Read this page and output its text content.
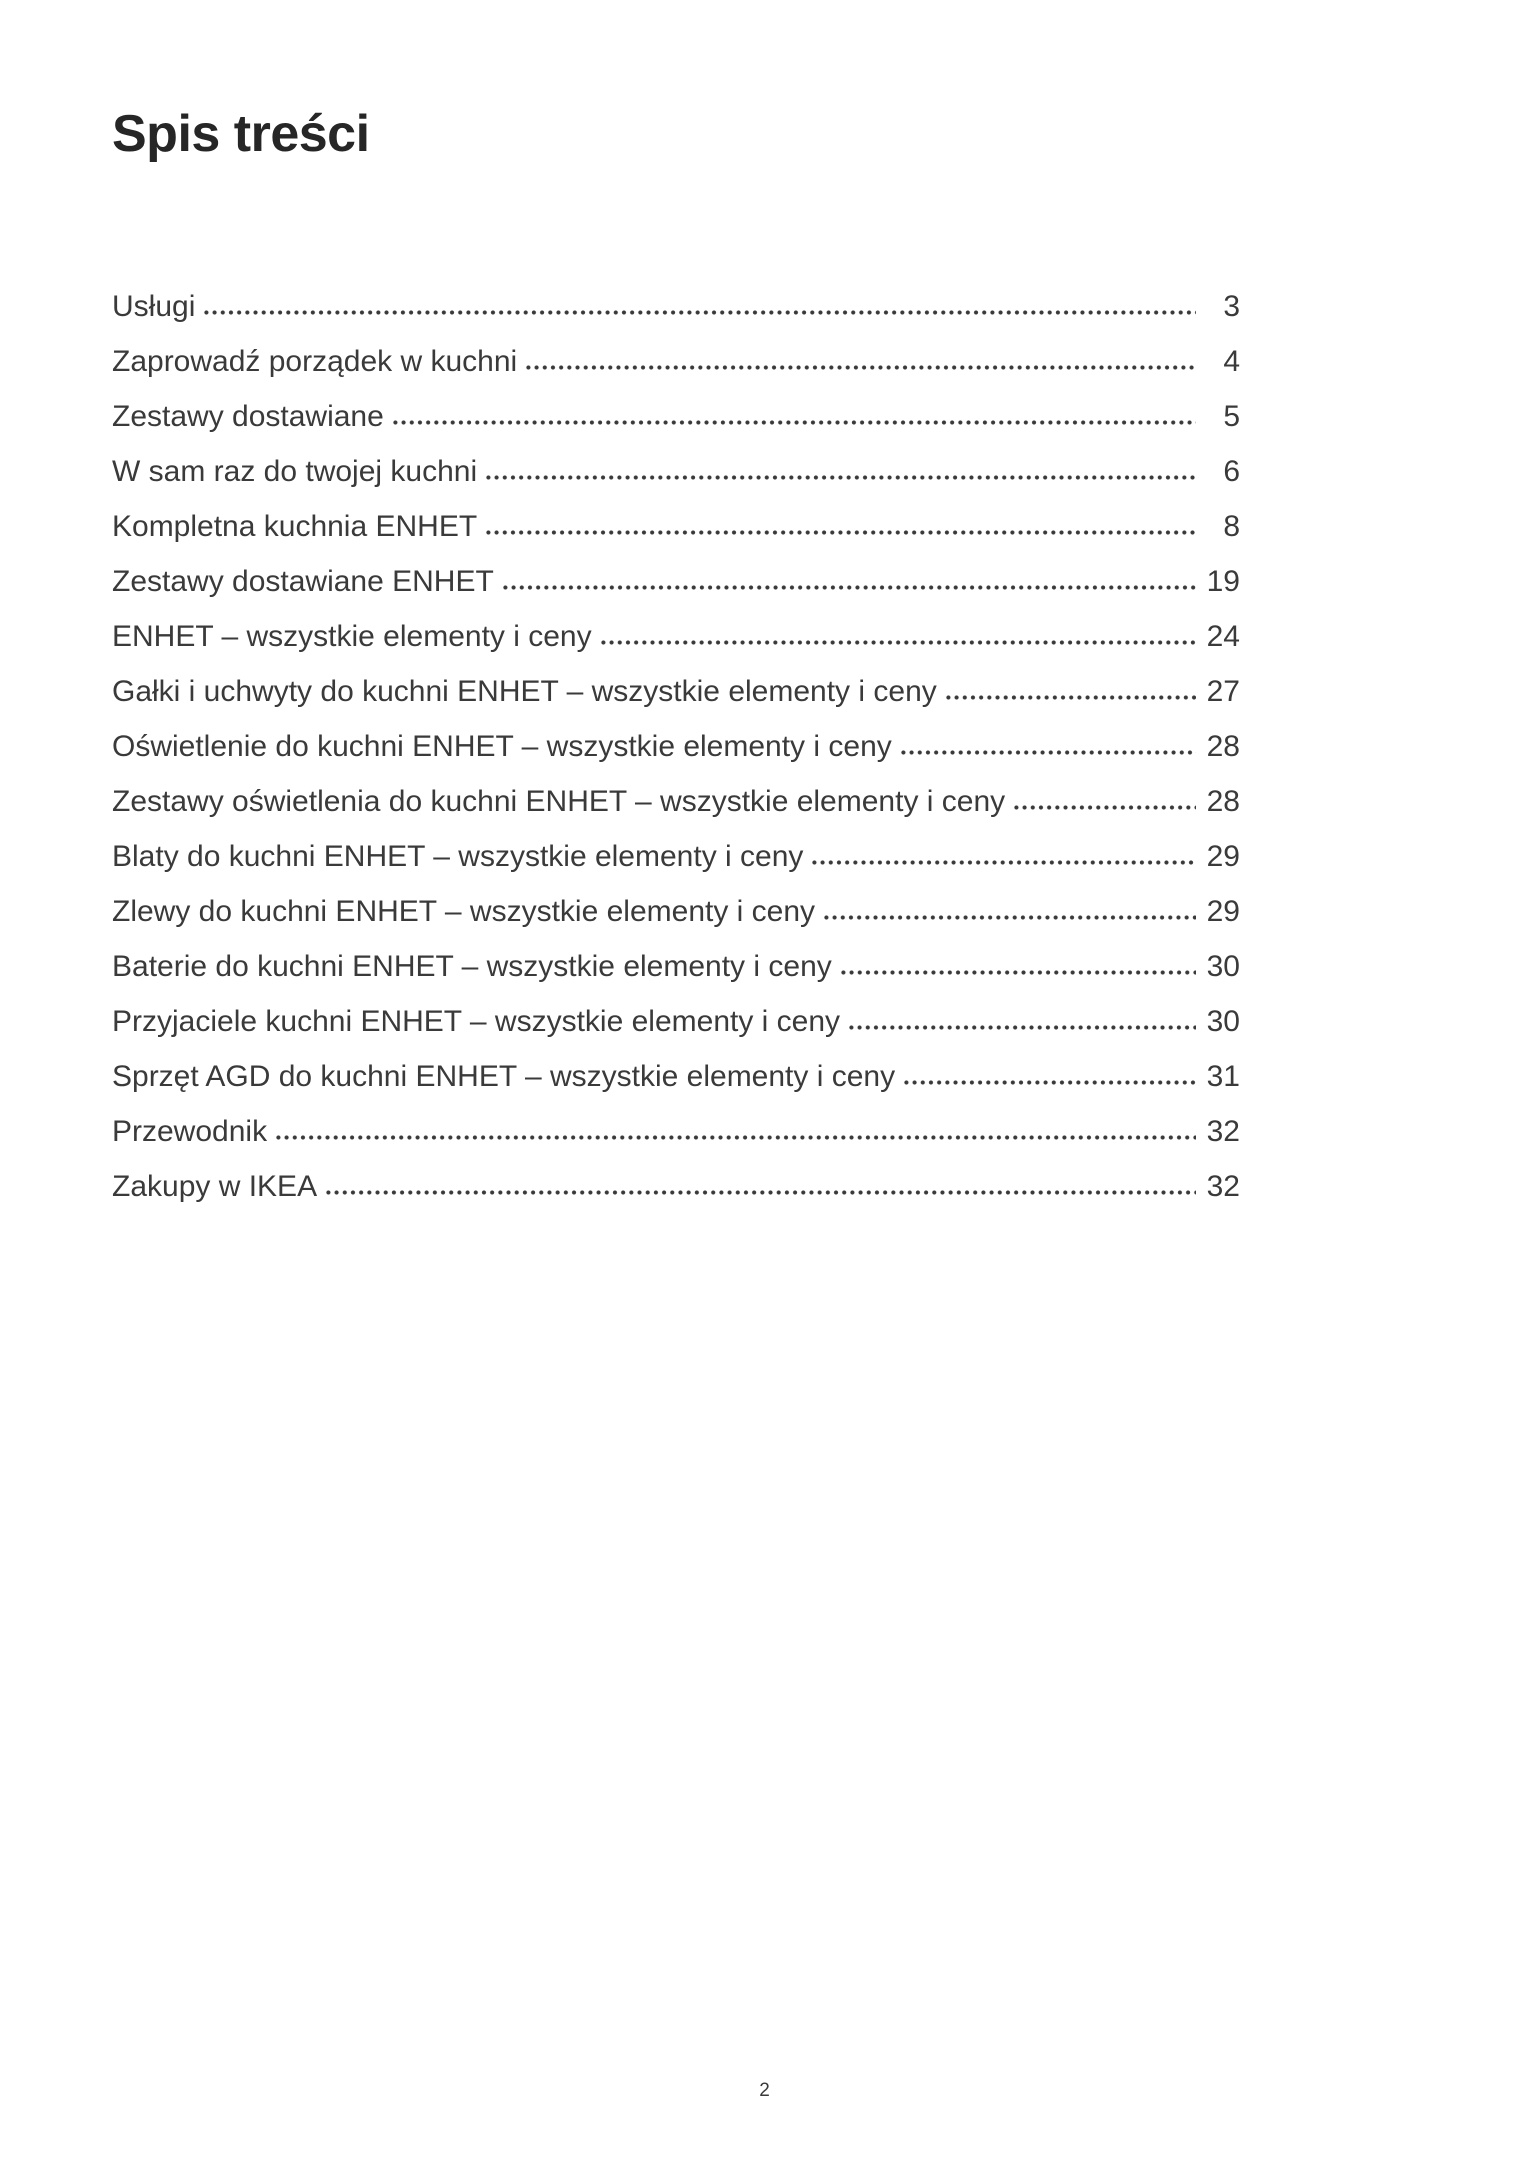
Spis treści
Usługi	3
Zaprowadź porządek w kuchni	4
Zestawy dostawiane	5
W sam raz do twojej kuchni	6
Kompletna kuchnia ENHET	8
Zestawy dostawiane ENHET	19
ENHET – wszystkie elementy i ceny	24
Gałki i uchwyty do kuchni ENHET – wszystkie elementy i ceny	27
Oświetlenie do kuchni ENHET – wszystkie elementy i ceny	28
Zestawy oświetlenia do kuchni ENHET – wszystkie elementy i ceny	28
Blaty do kuchni ENHET – wszystkie elementy i ceny	29
Zlewy do kuchni ENHET – wszystkie elementy i ceny	29
Baterie do kuchni ENHET – wszystkie elementy i ceny	30
Przyjaciele kuchni ENHET – wszystkie elementy i ceny	30
Sprzęt AGD do kuchni ENHET – wszystkie elementy i ceny	31
Przewodnik	32
Zakupy w IKEA	32
2
